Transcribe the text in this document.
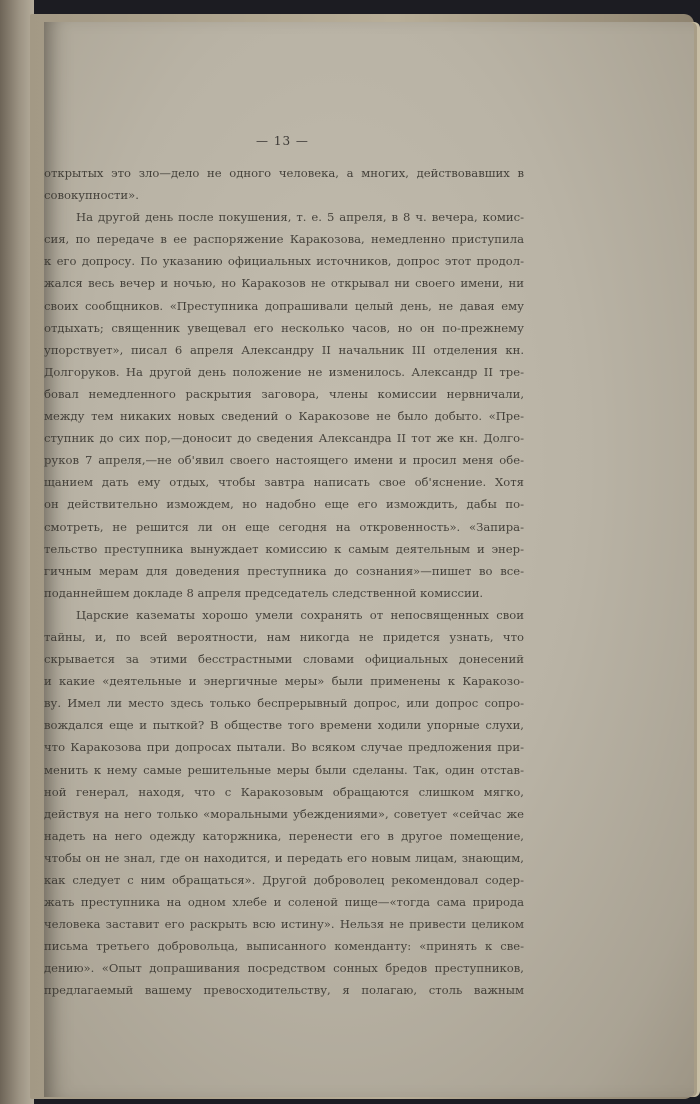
— 13 —
открытых это зло—дело не одного человека, а многих, действовавших в
совокупности».
На другой день после покушения, т. е. 5 апреля, в 8 ч. вечера, комис-
сия, по передаче в ее распоряжение Каракозова, немедленно приступила
к его допросу. По указанию официальных источников, допрос этот продол-
жался весь вечер и ночью, но Каракозов не открывал ни своего имени, ни
своих сообщников. «Преступника допрашивали целый день, не давая ему
отдыхать; священник увещевал его несколько часов, но он по-прежнему
упорствует», писал 6 апреля Александру II начальник III отделения кн.
Долгоруков. На другой день положение не изменилось. Александр II тре-
бовал немедленного раскрытия заговора, члены комиссии нервничали,
между тем никаких новых сведений о Каракозове не было добыто. «Пре-
ступник до сих пор,—доносит до сведения Александра II тот же кн. Долго-
руков 7 апреля,—не об'явил своего настоящего имени и просил меня обе-
щанием дать ему отдых, чтобы завтра написать свое об'яснение. Хотя
он действительно измождем, но надобно еще его измождить, дабы по-
смотреть, не решится ли он еще сегодня на откровенность». «Запира-
тельство преступника вынуждает комиссию к самым деятельным и энер-
гичным мерам для доведения преступника до сознания»—пишет во все-
поданнейшем докладе 8 апреля председатель следственной комиссии.
Царские казематы хорошо умели сохранять от непосвященных свои
тайны, и, по всей вероятности, нам никогда не придется узнать, что
скрывается за этими бесстрастными словами официальных донесений
и какие «деятельные и энергичные меры» были применены к Каракозо-
ву. Имел ли место здесь только беспрерывный допрос, или допрос сопро-
вождался еще и пыткой? В обществе того времени ходили упорные слухи,
что Каракозова при допросах пытали. Во всяком случае предложения при-
менить к нему самые решительные меры были сделаны. Так, один отстав-
ной генерал, находя, что с Каракозовым обращаются слишком мягко,
действуя на него только «моральными убеждениями», советует «сейчас же
надеть на него одежду каторжника, перенести его в другое помещение,
чтобы он не знал, где он находится, и передать его новым лицам, знающим,
как следует с ним обращаться». Другой доброволец рекомендовал содер-
жать преступника на одном хлебе и соленой пище—«тогда сама природа
человека заставит его раскрыть всю истину». Нельзя не привести целиком
письма третьего добровольца, выписанного коменданту: «принять к све-
дению». «Опыт допрашивания посредством сонных бредов преступников,
предлагаемый вашему превосходительству, я полагаю, столь важным
